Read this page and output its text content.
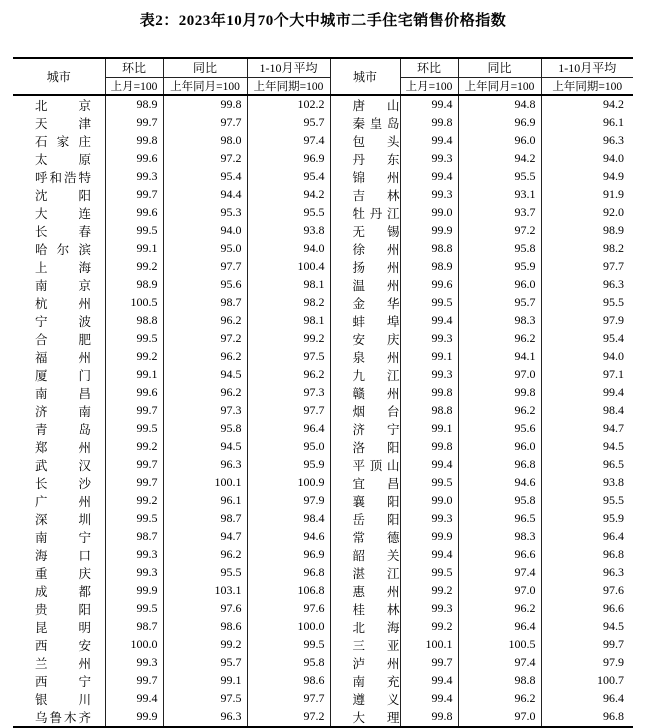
表2：2023年10月70个大中城市二手住宅销售价格指数
城市	环比	同比	1-10月平均	城市	环比	同比	1-10月平均
	上月=100	上年同月=100	上年同期=100		上月=100	上年同月=100	上年同期=100

北 京	98.9	99.8	102.2	唐 山	99.4	94.8	94.2

天 津	99.7	97.7	95.7	秦 皇 岛	99.8	96.9	96.1

石 家 庄	99.8	98.0	97.4	包 头	99.4	96.0	96.3

太 原	99.6	97.2	96.9	丹 东	99.3	94.2	94.0

呼 和 浩 特	99.3	95.4	95.4	锦 州	99.4	95.5	94.9

沈 阳	99.7	94.4	94.2	吉 林	99.3	93.1	91.9

大 连	99.6	95.3	95.5	牡 丹 江	99.0	93.7	92.0

长 春	99.5	94.0	93.8	无 锡	99.9	97.2	98.9

哈 尔 滨	99.1	95.0	94.0	徐 州	98.8	95.8	98.2

上 海	99.2	97.7	100.4	扬 州	98.9	95.9	97.7

南 京	98.9	95.6	98.1	温 州	99.6	96.0	96.3

杭 州	100.5	98.7	98.2	金 华	99.5	95.7	95.5

宁 波	98.8	96.2	98.1	蚌 埠	99.4	98.3	97.9

合 肥	99.5	97.2	99.2	安 庆	99.3	96.2	95.4

福 州	99.2	96.2	97.5	泉 州	99.1	94.1	94.0

厦 门	99.1	94.5	96.2	九 江	99.3	97.0	97.1

南 昌	99.6	96.2	97.3	赣 州	99.8	99.8	99.4

济 南	99.7	97.3	97.7	烟 台	98.8	96.2	98.4

青 岛	99.5	95.8	96.4	济 宁	99.1	95.6	94.7

郑 州	99.2	94.5	95.0	洛 阳	99.8	96.0	94.5

武 汉	99.7	96.3	95.9	平 顶 山	99.4	96.8	96.5

长 沙	99.7	100.1	100.9	宜 昌	99.5	94.6	93.8

广 州	99.2	96.1	97.9	襄 阳	99.0	95.8	95.5

深 圳	99.5	98.7	98.4	岳 阳	99.3	96.5	95.9

南 宁	98.7	94.7	94.6	常 德	99.9	98.3	96.4

海 口	99.3	96.2	96.9	韶 关	99.4	96.6	96.8

重 庆	99.3	95.5	96.8	湛 江	99.5	97.4	96.3

成 都	99.9	103.1	106.8	惠 州	99.2	97.0	97.6

贵 阳	99.5	97.6	97.6	桂 林	99.3	96.2	96.6

昆 明	98.7	98.6	100.0	北 海	99.2	96.4	94.5

西 安	100.0	99.2	99.5	三 亚	100.1	100.5	99.7

兰 州	99.3	95.7	95.8	泸 州	99.7	97.4	97.9

西 宁	99.7	99.1	98.6	南 充	99.4	98.8	100.7

银 川	99.4	97.5	97.7	遵 义	99.4	96.2	96.4

乌 鲁 木 齐	99.9	96.3	97.2	大 理	99.8	97.0	96.8
